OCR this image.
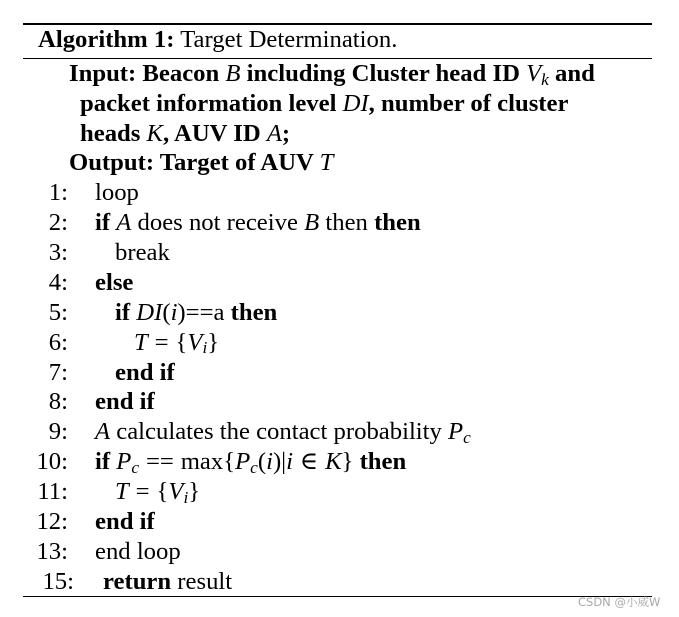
Algorithm 1: Target Determination.
Input: Beacon B including Cluster head ID Vk and
packet information level DI, number of cluster
heads K, AUV ID A;
Output: Target of AUV T
1: loop
2: if A does not receive B then then
3: break
4: else
5: if DI(i)==a then
6:	T = {Vi}
7: end if
8: end if
9: A calculates the contact probability Pc
10: if Pc == max{Pc(i)|i ∈ K} then
11: T = {Vi}
12: end if
13: end loop
15: return result
CSDN @小威W
